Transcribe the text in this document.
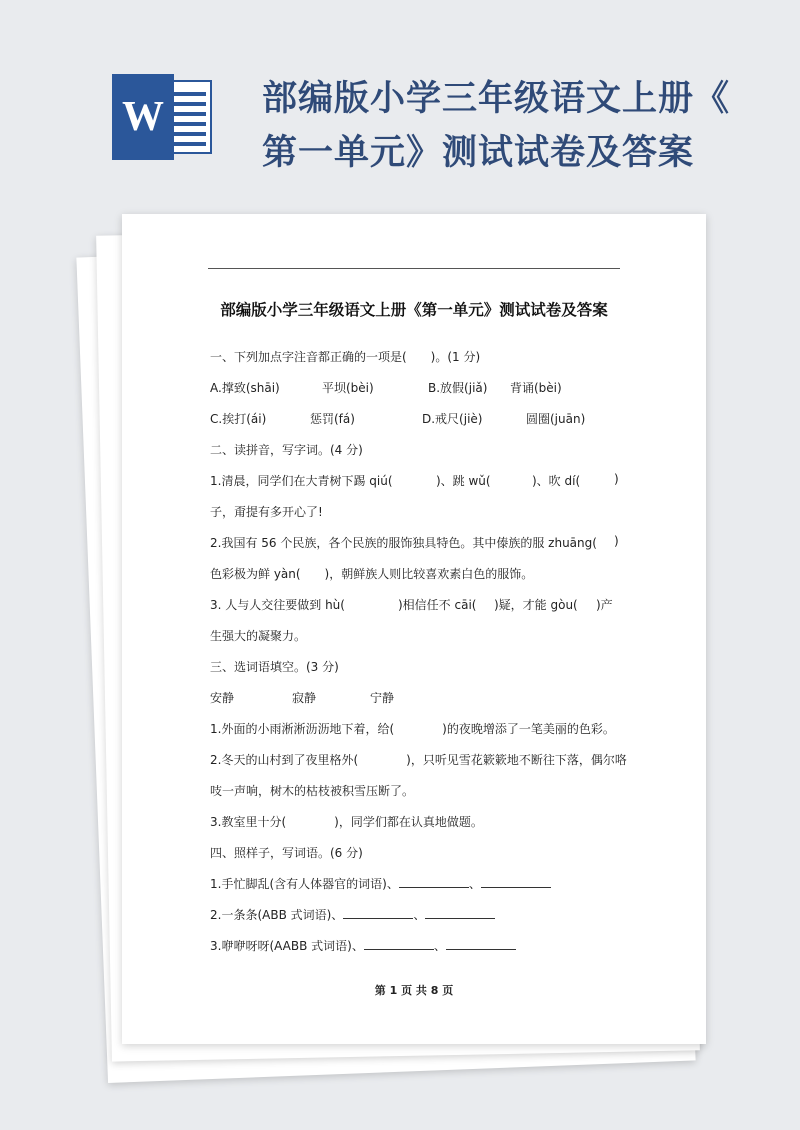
W	部编版小学三年级语文上册《
第一单元》测试试卷及答案
部编版小学三年级语文上册《第一单元》测试试卷及答案
一、下列加点字注音都正确的一项是(　　)。(1 分)
A.撑致(shāi)	平坝(bèi)	B.放假(jiǎ) 背诵(bèi)
C.挨打(ái)	惩罚(fá)	D.戒尺(jiè)	圆圈(juān)
二、读拼音，写字词。(4 分)
1.清晨，同学们在大青树下踢 qiú(	)、跳 wǔ(	)、吹 dí(	)
子，甭提有多开心了!
2.我国有 56 个民族，各个民族的服饰独具特色。其中傣族的服 zhuāng( )
色彩极为鲜 yàn(　　)，朝鲜族人则比较喜欢素白色的服饰。
3. 人与人交往要做到 hù(	)相信任不 cāi( )疑，才能 gòu( )产
生强大的凝聚力。
三、选词语填空。(3 分)
安静	寂静	宁静
1.外面的小雨淅淅沥沥地下着，给(　　　　)的夜晚增添了一笔美丽的色彩。
2.冬天的山村到了夜里格外(　　　　)，只听见雪花簌簌地不断往下落，偶尔咯
吱一声响，树木的枯枝被积雪压断了。
3.教室里十分(　　　　)，同学们都在认真地做题。
四、照样子，写词语。(6 分)
1.手忙脚乱(含有人体器官的词语)、	、
2.一条条(ABB 式词语)、	、
3.咿咿呀呀(AABB 式词语)、	、
第 1 页 共 8 页
